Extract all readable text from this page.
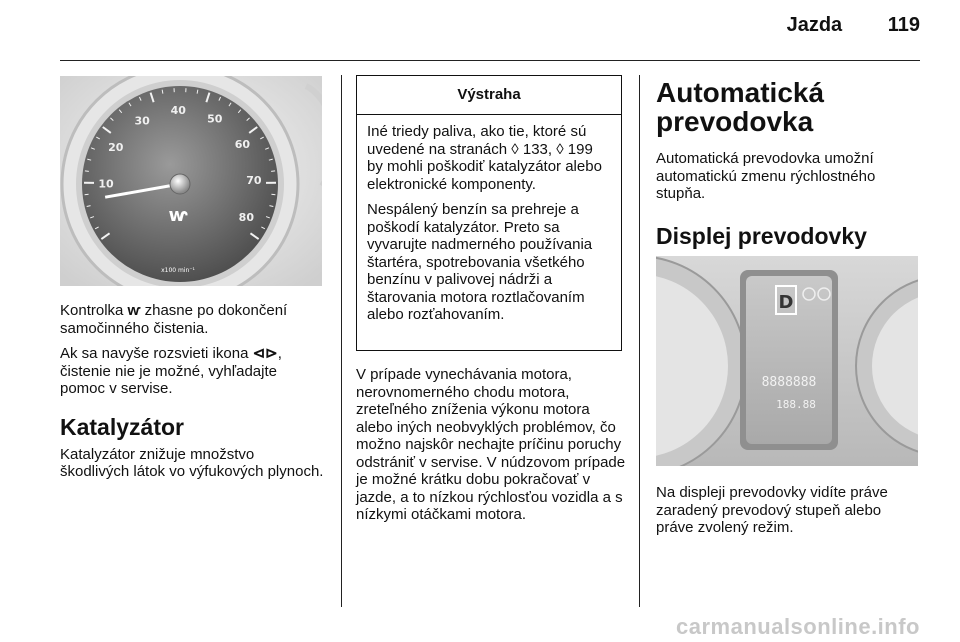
Jazda 119
10
20
30
40
50
60
70
80
ⱳ
x100 min⁻¹

Kontrolka ⱳ zhasne po dokončení samočinného čistenia.

Ak sa navyše rozsvieti ikona ⊲⊳, čistenie nie je možné, vyhľadajte pomoc v servise.

Katalyzátor

Katalyzátor znižuje množstvo škodlivých látok vo výfukových plynoch.

Výstraha

Iné triedy paliva, ako tie, ktoré sú uvedené na stranách ◊ 133, ◊ 199 by mohli poškodiť katalyzátor alebo elektronické komponenty.

Nespálený benzín sa prehreje a poškodí katalyzátor. Preto sa vyvarujte nadmerného používania štartéra, spotrebovania všetkého benzínu v palivovej nádrži a štarovania motora roztlačovaním alebo rozťahovaním.

V prípade vynechávania motora, nerovnomerného chodu motora, zreteľného zníženia výkonu motora alebo iných neobvyklých problémov, čo možno najskôr nechajte príčinu poruchy odstrániť v servise. V núdzovom prípade je možné krátku dobu pokračovať v jazde, a to nízkou rýchlosťou vozidla a s nízkymi otáčkami motora.

Automatická prevodovka

Automatická prevodovka umožní automatickú zmenu rýchlostného stupňa.

Displej prevodovky
D
8888888
188.88

Na displeji prevodovky vidíte práve zaradený prevodový stupeň alebo práve zvolený režim.

carmanualsonline.info
